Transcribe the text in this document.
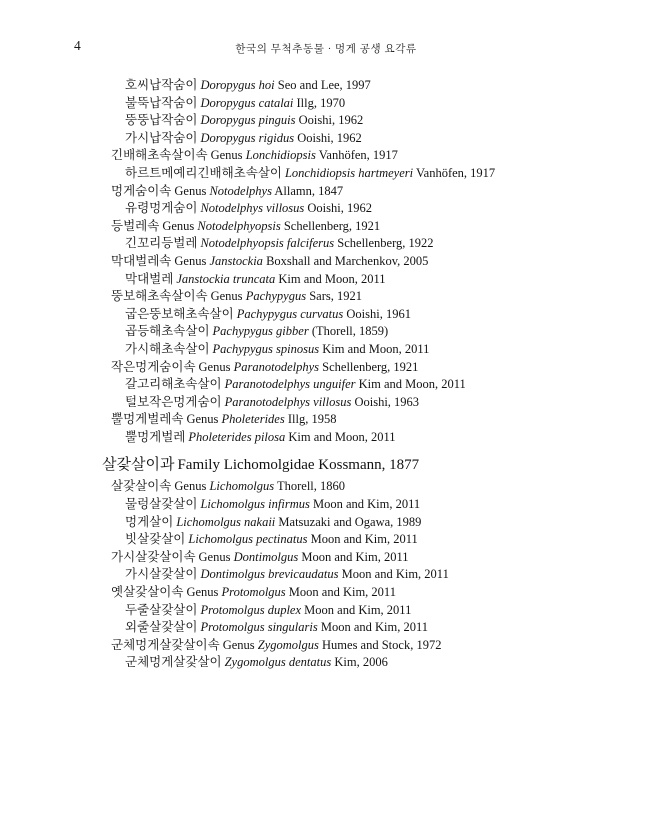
4	한국의 무척추동물 · 멍게 공생 요각류
호씨납작숨이 Doropygus hoi Seo and Lee, 1997
불뚝납작숨이 Doropygus catalai Illg, 1970
뚱뚱납작숨이 Doropygus pinguis Ooishi, 1962
가시납작숨이 Doropygus rigidus Ooishi, 1962
긴배해초속살이속 Genus Lonchidiopsis Vanhöfen, 1917
하르트메예리긴배해초속살이 Lonchidiopsis hartmeyeri Vanhöfen, 1917
멍게숨이속 Genus Notodelphys Allamn, 1847
유령멍게숨이 Notodelphys villosus Ooishi, 1962
등벌레속 Genus Notodelphyopsis Schellenberg, 1921
긴꼬리등벌레 Notodelphyopsis falciferus Schellenberg, 1922
막대벌레속 Genus Janstockia Boxshall and Marchenkov, 2005
막대벌레 Janstockia truncata Kim and Moon, 2011
뚱보해초속살이속 Genus Pachypygus Sars, 1921
굽은뚱보해초속살이 Pachypygus curvatus Ooishi, 1961
곱등해초속살이 Pachypygus gibber (Thorell, 1859)
가시해초속살이 Pachypygus spinosus Kim and Moon, 2011
작은멍게숨이속 Genus Paranotodelphys Schellenberg, 1921
갈고리해초속살이 Paranotodelphys unguifer Kim and Moon, 2011
털보작은멍게숨이 Paranotodelphys villosus Ooishi, 1963
뿔멍게벌레속 Genus Pholeterides Illg, 1958
뿔멍게벌레 Pholeterides pilosa Kim and Moon, 2011
살갗살이과 Family Lichomolgidae Kossmann, 1877
살갗살이속 Genus Lichomolgus Thorell, 1860
물렁살갗살이 Lichomolgus infirmus Moon and Kim, 2011
멍게살이 Lichomolgus nakaii Matsuzaki and Ogawa, 1989
빗살갗살이 Lichomolgus pectinatus Moon and Kim, 2011
가시살갗살이속 Genus Dontimolgus Moon and Kim, 2011
가시살갗살이 Dontimolgus brevicaudatus Moon and Kim, 2011
옛살갗살이속 Genus Protomolgus Moon and Kim, 2011
두줄살갗살이 Protomolgus duplex Moon and Kim, 2011
외줄살갗살이 Protomolgus singularis Moon and Kim, 2011
군체멍게살갗살이속 Genus Zygomolgus Humes and Stock, 1972
군체멍게살갗살이 Zygomolgus dentatus Kim, 2006
